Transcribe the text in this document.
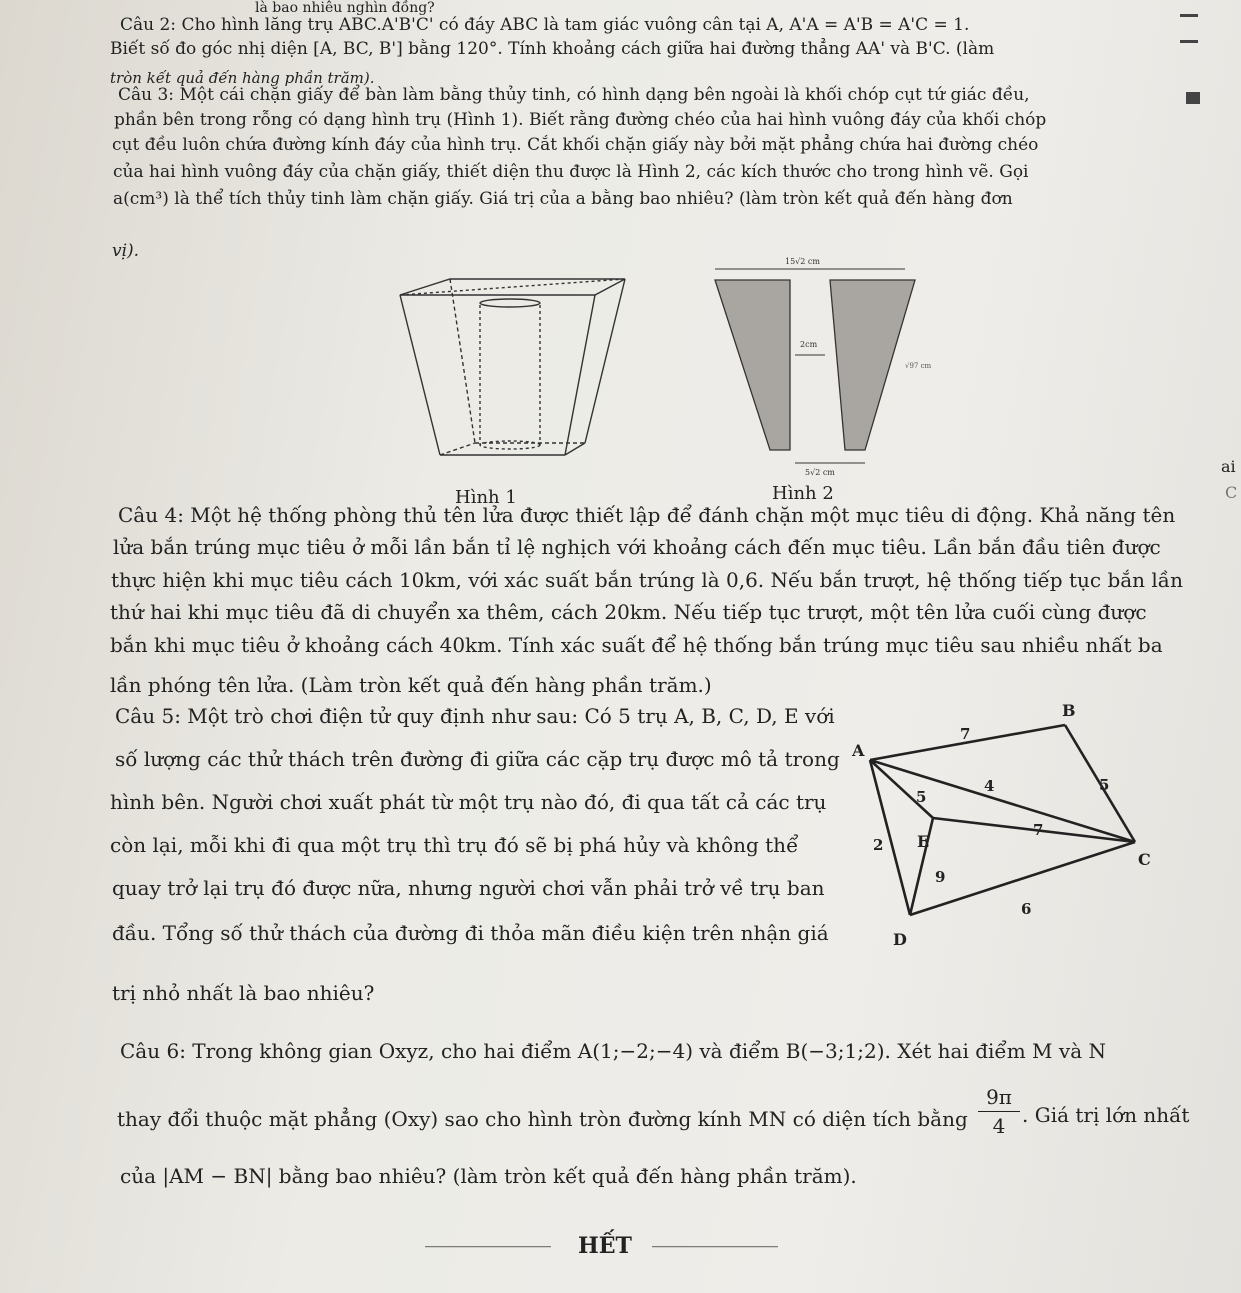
là bao nhiêu nghìn đồng?
Câu 2: Cho hình lăng trụ ABC.A'B'C' có đáy ABC là tam giác vuông cân tại A, A'A = A'B = A'C = 1.
Biết số đo góc nhị diện [A, BC, B'] bằng 120°. Tính khoảng cách giữa hai đường thẳng AA' và B'C. (làm
tròn kết quả đến hàng phần trăm).
Câu 3: Một cái chặn giấy để bàn làm bằng thủy tinh, có hình dạng bên ngoài là khối chóp cụt tứ giác đều,
phần bên trong rỗng có dạng hình trụ (Hình 1). Biết rằng đường chéo của hai hình vuông đáy của khối chóp
cụt đều luôn chứa đường kính đáy của hình trụ. Cắt khối chặn giấy này bởi mặt phẳng chứa hai đường chéo
của hai hình vuông đáy của chặn giấy, thiết diện thu được là Hình 2, các kích thước cho trong hình vẽ. Gọi
a(cm³) là thể tích thủy tinh làm chặn giấy. Giá trị của a bằng bao nhiêu? (làm tròn kết quả đến hàng đơn
vị).
Hình 1
15√2 cm
2cm
√97 cm
5√2 cm
Hình 2
Câu 4: Một hệ thống phòng thủ tên lửa được thiết lập để đánh chặn một mục tiêu di động. Khả năng tên
lửa bắn trúng mục tiêu ở mỗi lần bắn tỉ lệ nghịch với khoảng cách đến mục tiêu. Lần bắn đầu tiên được
thực hiện khi mục tiêu cách 10km, với xác suất bắn trúng là 0,6. Nếu bắn trượt, hệ thống tiếp tục bắn lần
thứ hai khi mục tiêu đã di chuyển xa thêm, cách 20km. Nếu tiếp tục trượt, một tên lửa cuối cùng được
bắn khi mục tiêu ở khoảng cách 40km. Tính xác suất để hệ thống bắn trúng mục tiêu sau nhiều nhất ba
lần phóng tên lửa. (Làm tròn kết quả đến hàng phần trăm.)
Câu 5: Một trò chơi điện tử quy định như sau: Có 5 trụ A, B, C, D, E với
số lượng các thử thách trên đường đi giữa các cặp trụ được mô tả trong
hình bên. Người chơi xuất phát từ một trụ nào đó, đi qua tất cả các trụ
còn lại, mỗi khi đi qua một trụ thì trụ đó sẽ bị phá hủy và không thể
quay trở lại trụ đó được nữa, nhưng người chơi vẫn phải trở về trụ ban
đầu. Tổng số thử thách của đường đi thỏa mãn điều kiện trên nhận giá
trị nhỏ nhất là bao nhiêu?
A
B
C
D
E
7
4	5
5
2
7
9
6
Câu 6: Trong không gian Oxyz, cho hai điểm A(1;−2;−4) và điểm B(−3;1;2). Xét hai điểm M và N
thay đổi thuộc mặt phẳng (Oxy) sao cho hình tròn đường kính MN có diện tích bằng $\frac{9\pi}{4}$ . Giá trị lớn nhất
của |AM − BN| bằng bao nhiêu? (làm tròn kết quả đến hàng phần trăm).
______________ HẾT ______________
ai
C
